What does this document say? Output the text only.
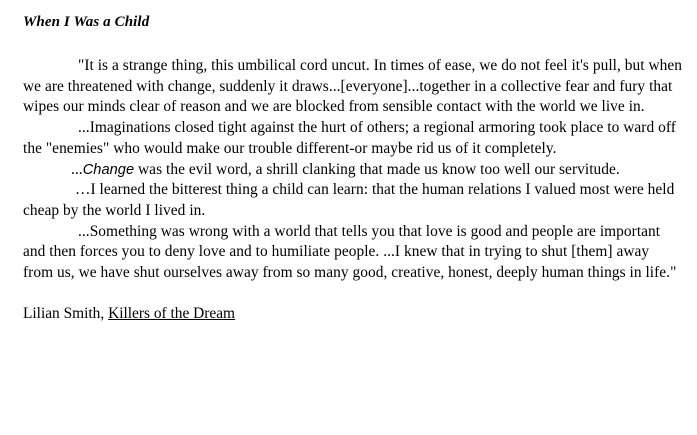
When I Was a Child

"It is a strange thing, this umbilical cord uncut. In times of ease, we do not feel it's pull, but when we are threatened with change, suddenly it draws...[everyone]...together in a collective fear and fury that wipes our minds clear of reason and we are blocked from sensible contact with the world we live in.

...Imaginations closed tight against the hurt of others; a regional armoring took place to ward off the "enemies" who would make our trouble different-or maybe rid us of it completely.

...Change was the evil word, a shrill clanking that made us know too well our servitude.

…I learned the bitterest thing a child can learn: that the human relations I valued most were held cheap by the world I lived in.

...Something was wrong with a world that tells you that love is good and people are important and then forces you to deny love and to humiliate people. ...I knew that in trying to shut [them] away from us, we have shut ourselves away from so many good, creative, honest, deeply human things in life."

Lilian Smith, Killers of the Dream
